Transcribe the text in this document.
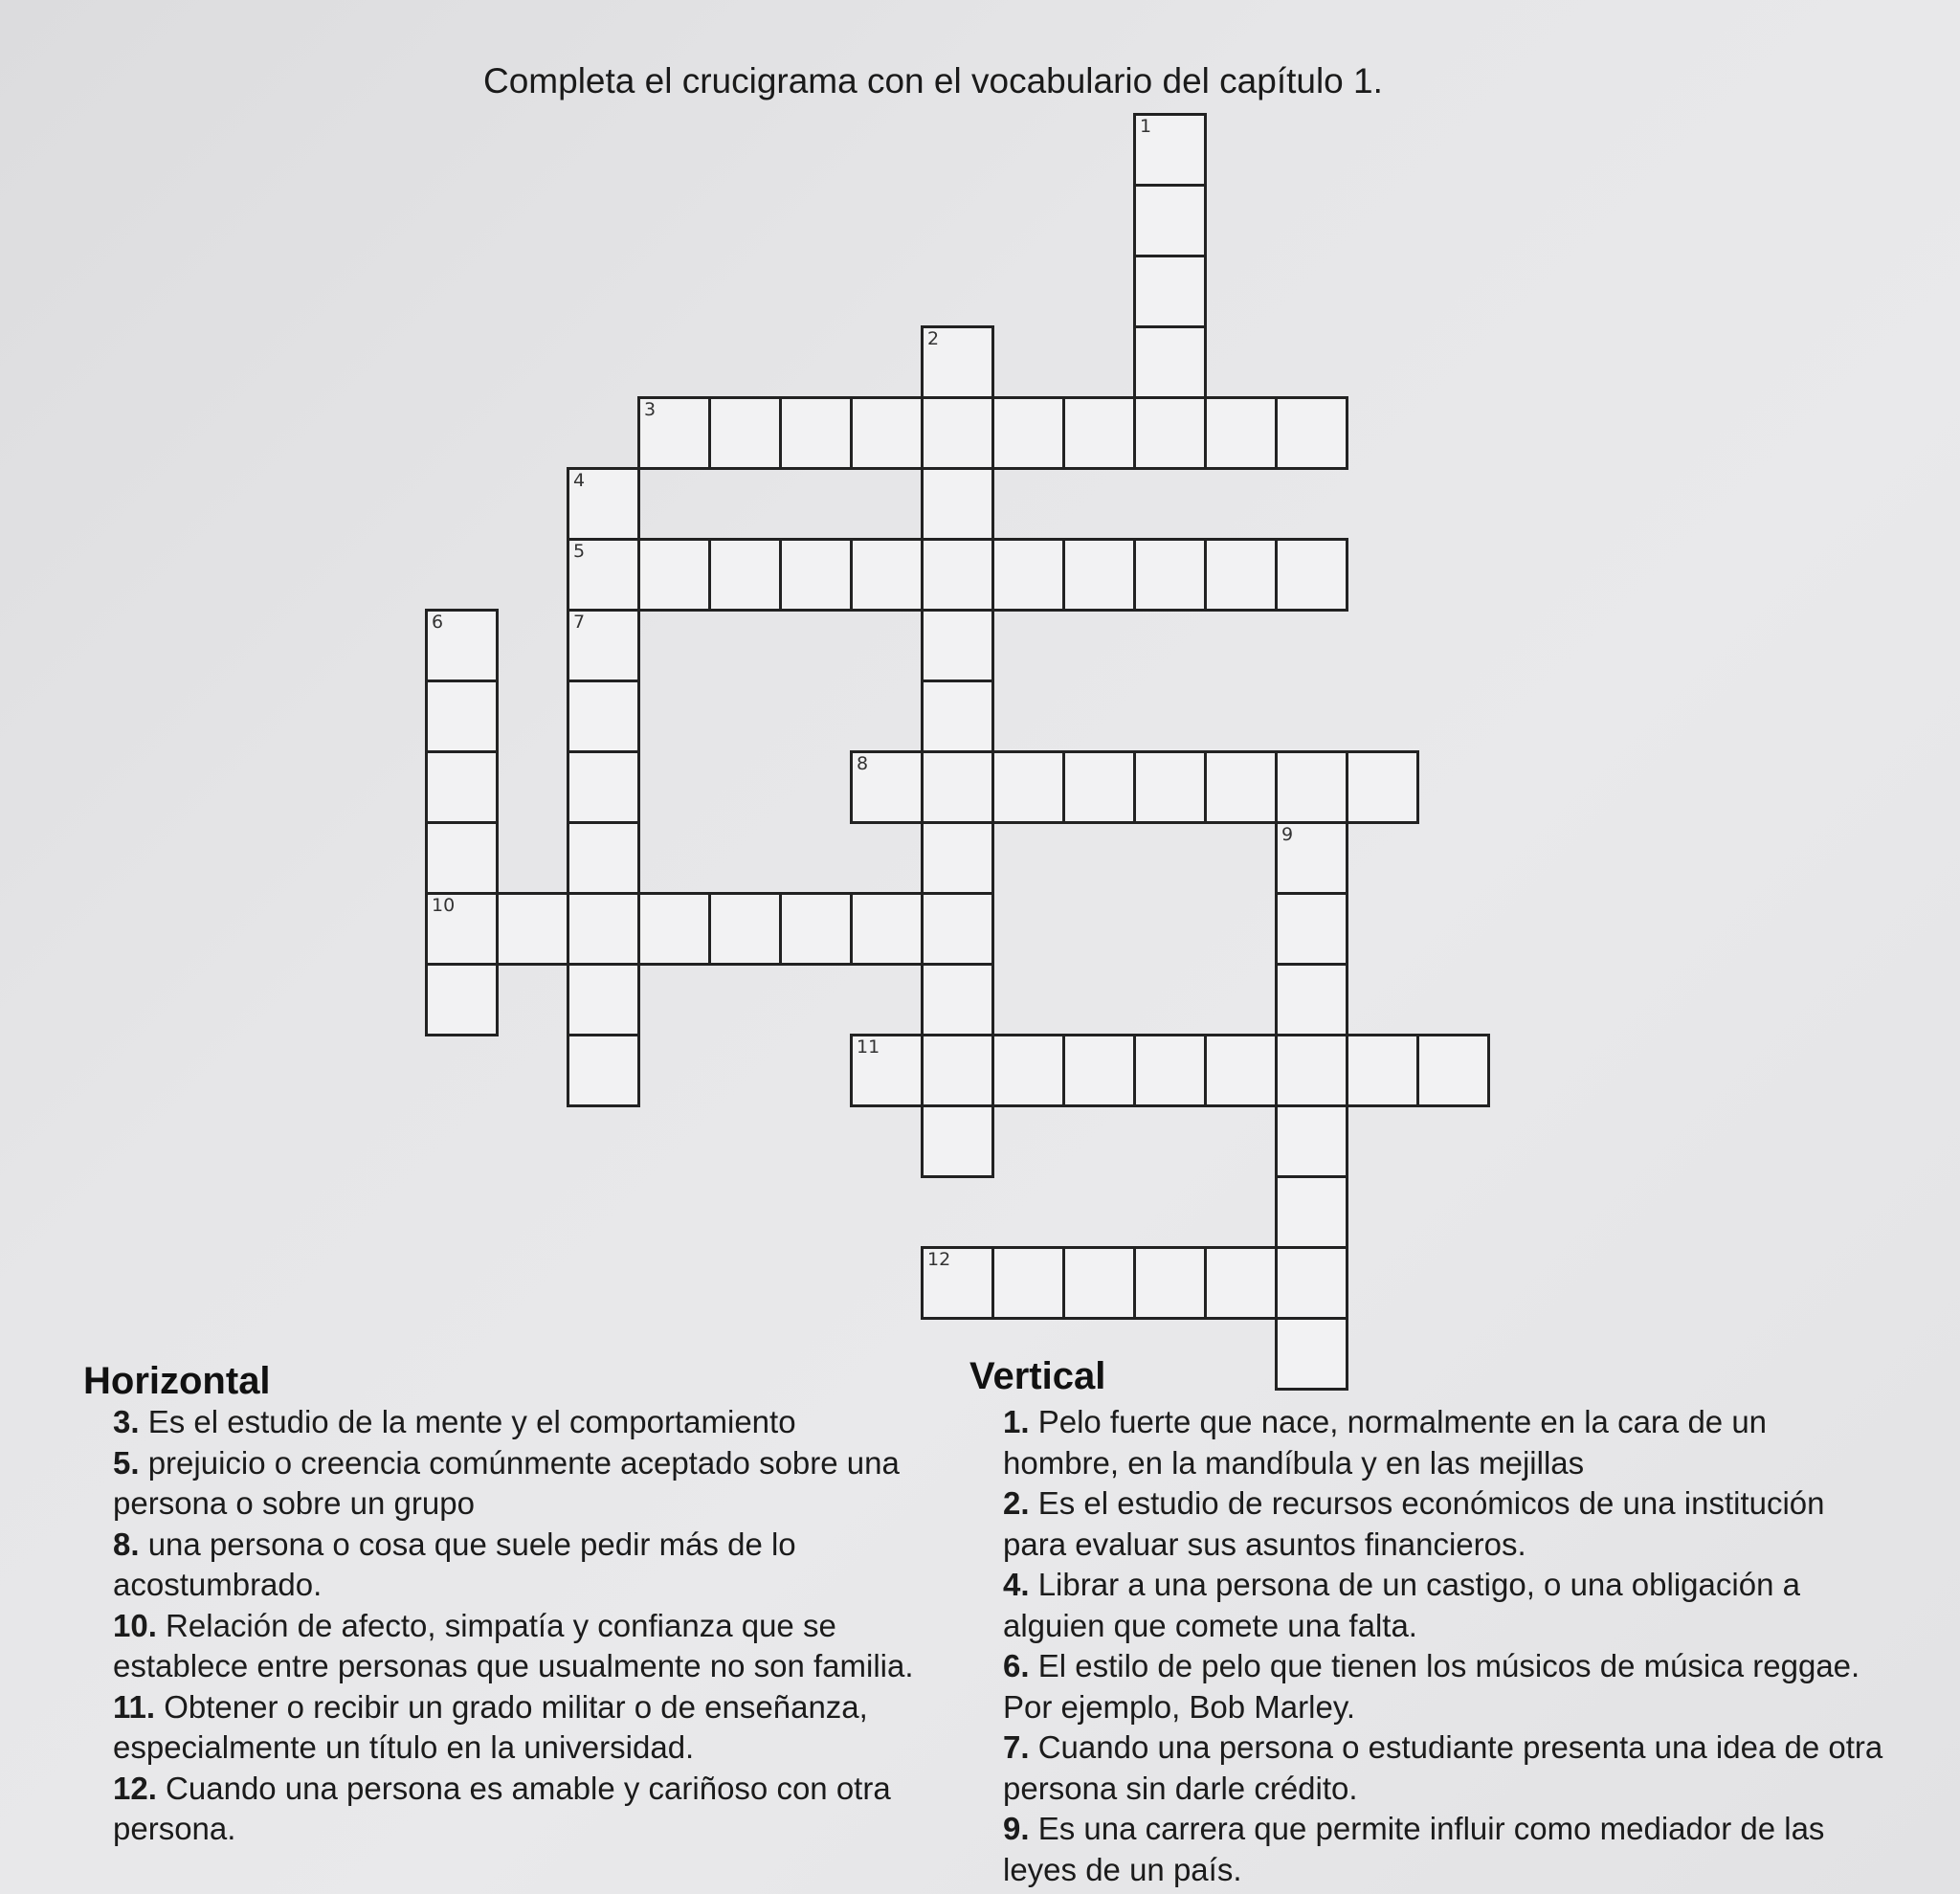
Completa el crucigrama con el vocabulario del capítulo 1.
1
2
3
4
5
7
6
10
8
9
11
12
Horizontal	Vertical

3. Es el estudio de la mente y el comportamiento

5. prejuicio o creencia comúnmente aceptado sobre una persona o sobre un grupo

8. una persona o cosa que suele pedir más de lo acostumbrado.

10. Relación de afecto, simpatía y confianza que se establece entre personas que usualmente no son familia.

11. Obtener o recibir un grado militar o de enseñanza, especialmente un título en la universidad.

12. Cuando una persona es amable y cariñoso con otra persona.

1. Pelo fuerte que nace, normalmente en la cara de un hombre, en la mandíbula y en las mejillas

2. Es el estudio de recursos económicos de una institución para evaluar sus asuntos financieros.

4. Librar a una persona de un castigo, o una obligación a alguien que comete una falta.

6. El estilo de pelo que tienen los músicos de música reggae. Por ejemplo, Bob Marley.

7. Cuando una persona o estudiante presenta una idea de otra persona sin darle crédito.

9. Es una carrera que permite influir como mediador de las leyes de un país.
